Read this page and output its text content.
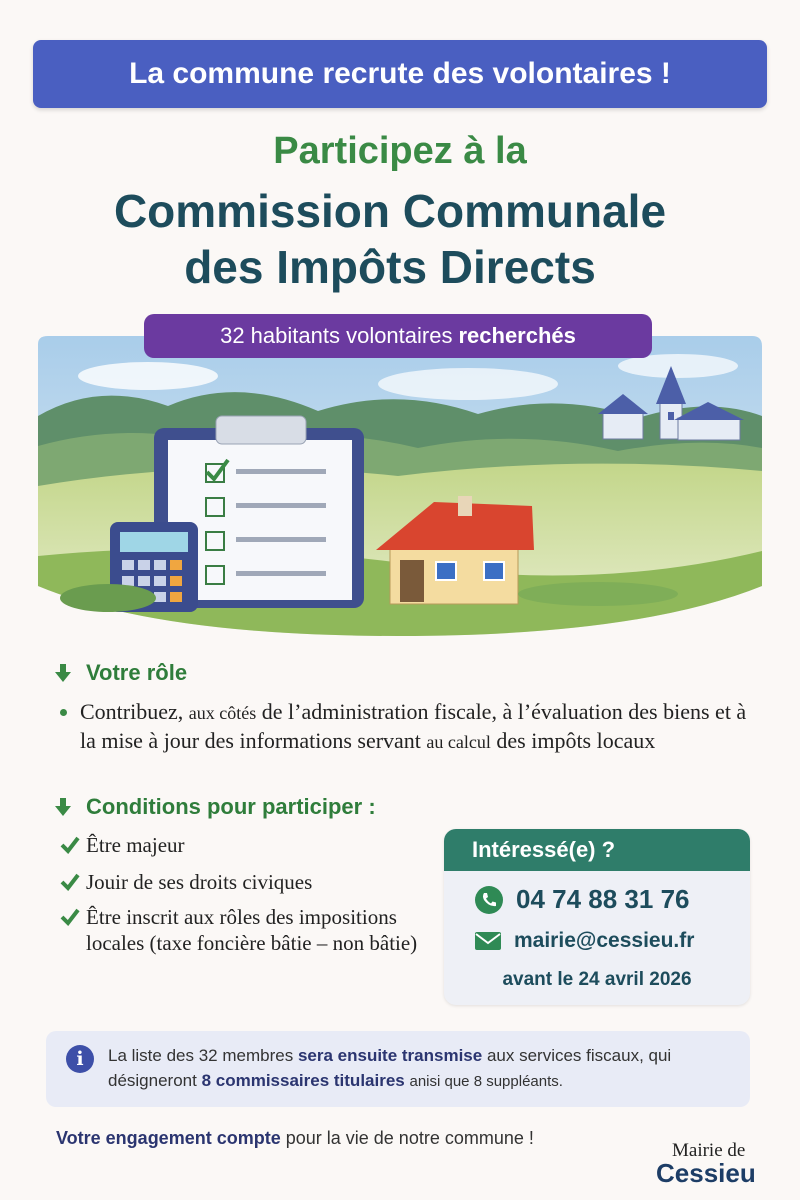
La commune recrute des volontaires !
Participez à la
Commission Communale
des Impôts Directs
32 habitants volontaires recherchés
Votre rôle
Contribuez, aux côtés de l’administration fiscale, à l’évaluation des biens et à la mise à jour des informations servant au calcul des impôts locaux
Conditions pour participer :
Être majeur
Jouir de ses droits civiques
Être inscrit aux rôles des impositions locales (taxe foncière bâtie – non bâtie)
Intéressé(e) ?
04 74 88 31 76
mairie@cessieu.fr
avant le 24 avril 2026
i	La liste des 32 membres sera ensuite transmise aux services fiscaux, qui désigneront 8 commissaires titulaires anisi que 8 suppléants.
Votre engagement compte pour la vie de notre commune !
Mairie de
Cessieu
